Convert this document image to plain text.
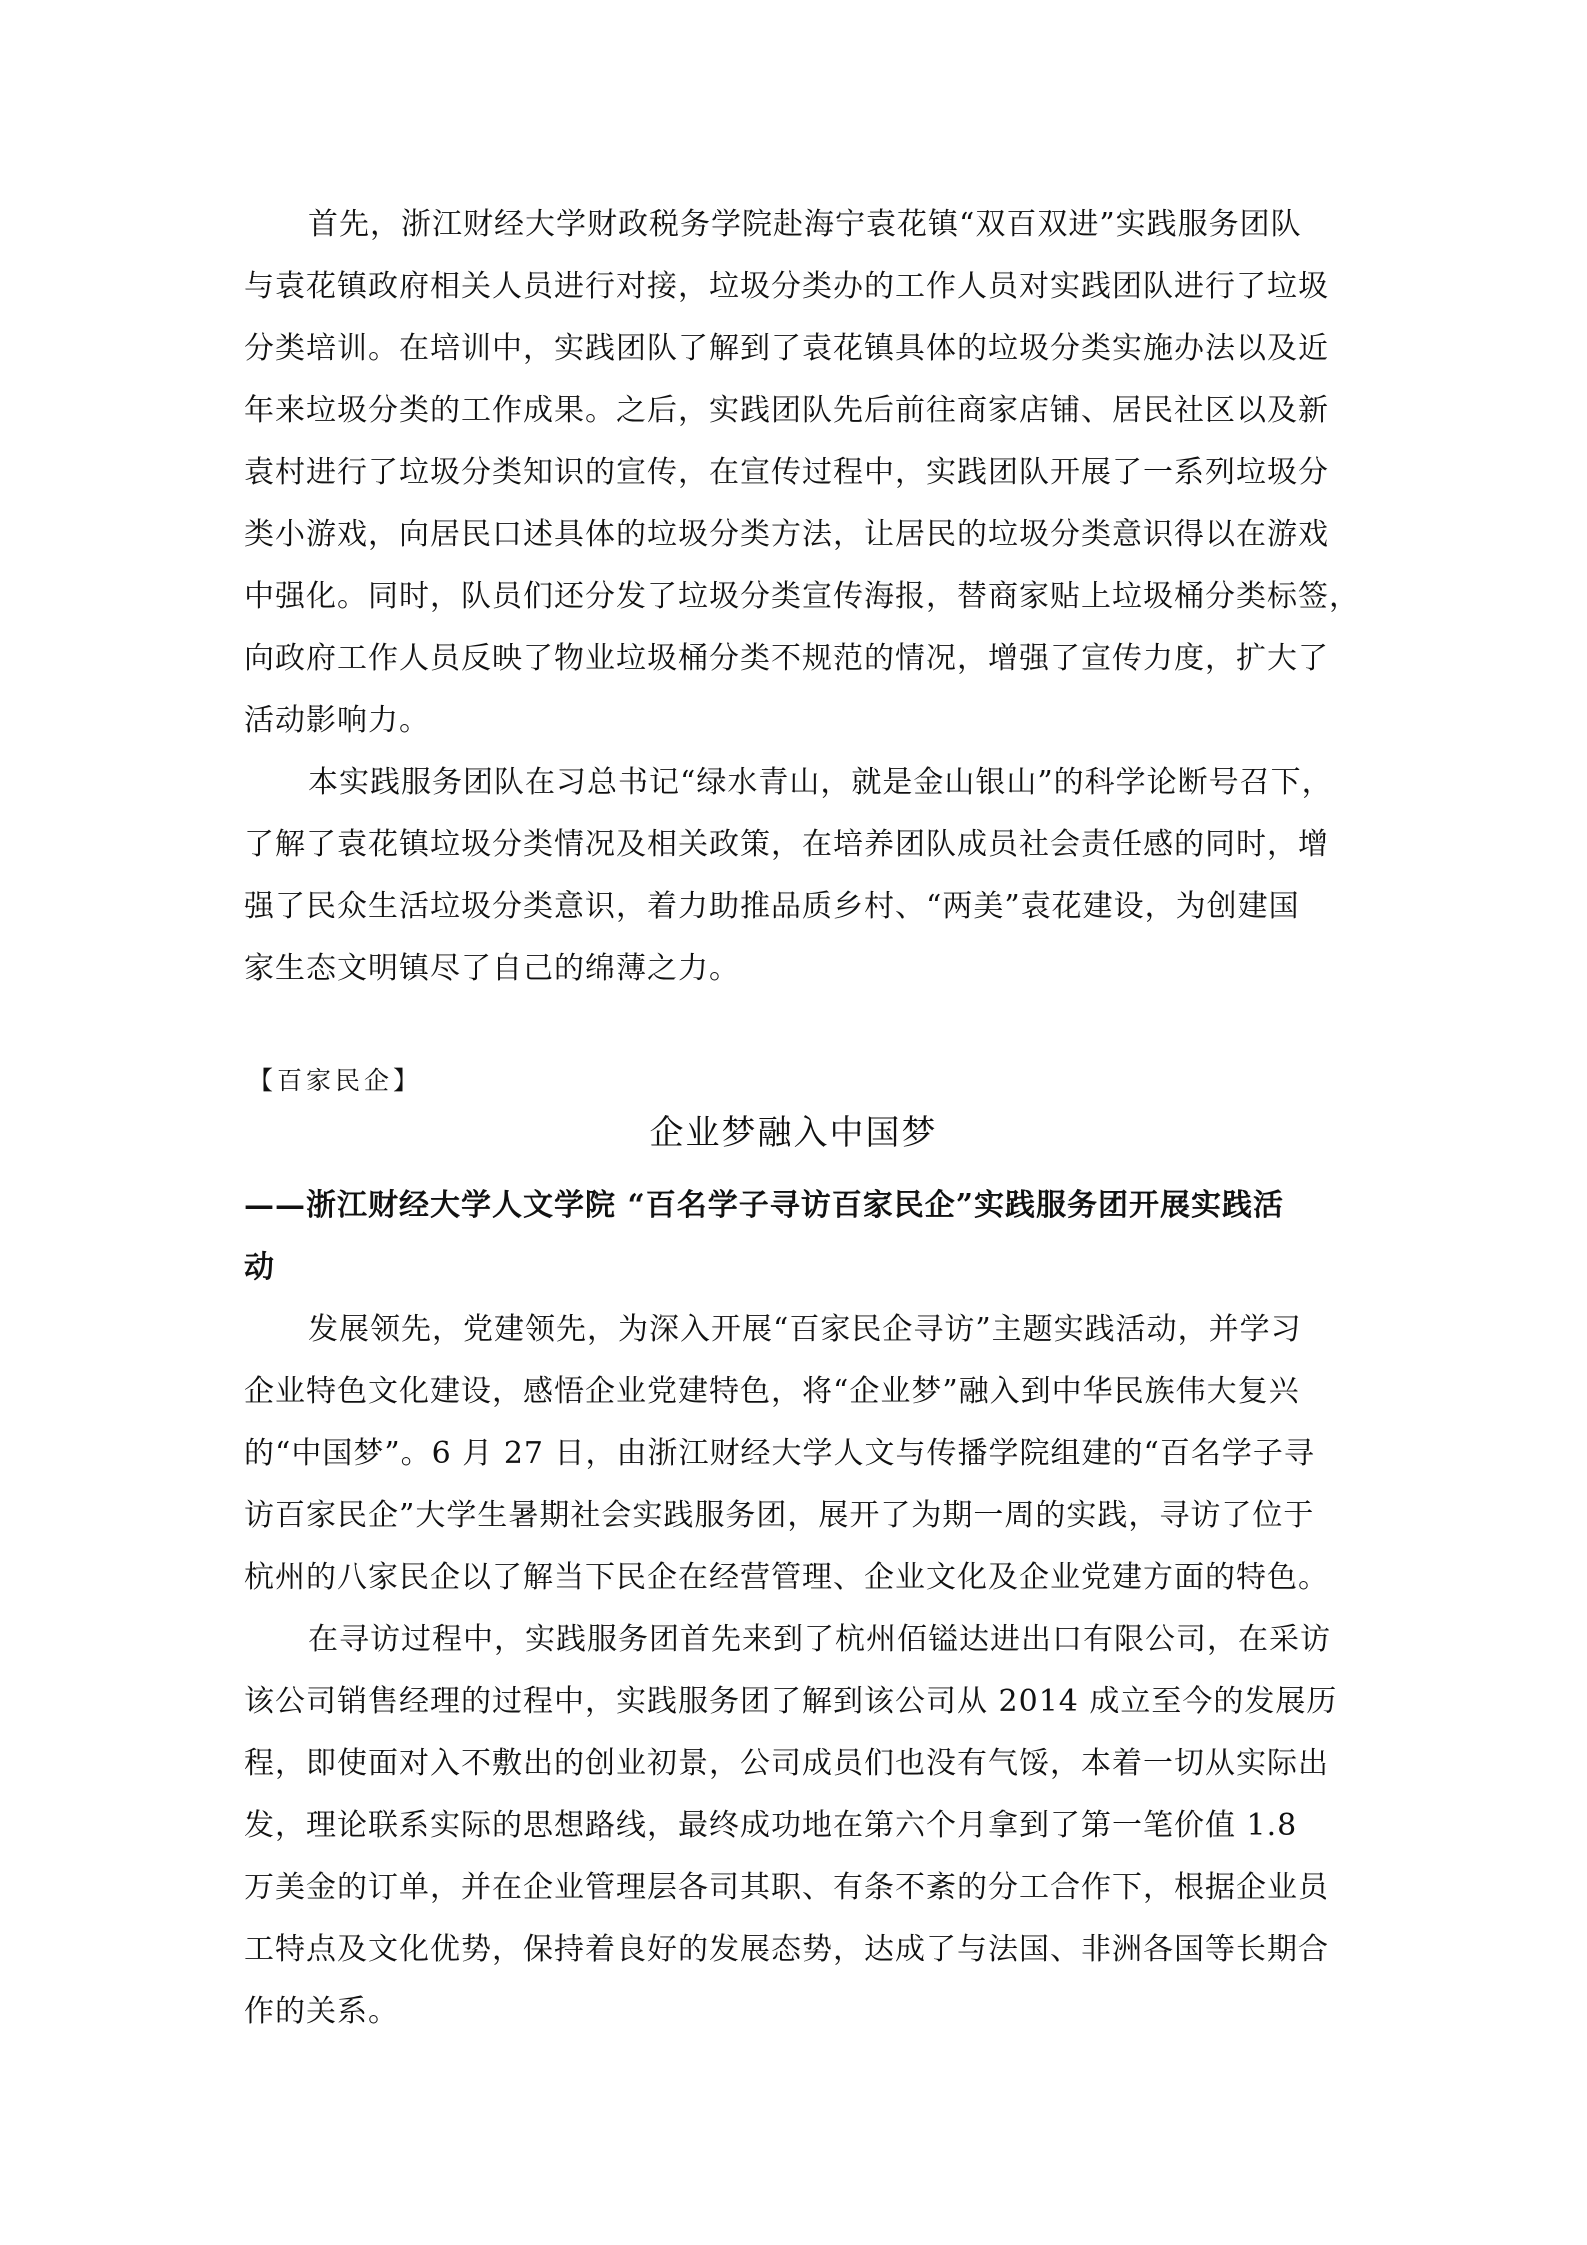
首先，浙江财经大学财政税务学院赴海宁袁花镇“双百双进”实践服务团队
与袁花镇政府相关人员进行对接，垃圾分类办的工作人员对实践团队进行了垃圾
分类培训。在培训中，实践团队了解到了袁花镇具体的垃圾分类实施办法以及近
年来垃圾分类的工作成果。之后，实践团队先后前往商家店铺、居民社区以及新
袁村进行了垃圾分类知识的宣传，在宣传过程中，实践团队开展了一系列垃圾分
类小游戏，向居民口述具体的垃圾分类方法，让居民的垃圾分类意识得以在游戏
中强化。同时，队员们还分发了垃圾分类宣传海报，替商家贴上垃圾桶分类标签，
向政府工作人员反映了物业垃圾桶分类不规范的情况，增强了宣传力度，扩大了
活动影响力。
本实践服务团队在习总书记“绿水青山，就是金山银山”的科学论断号召下，
了解了袁花镇垃圾分类情况及相关政策，在培养团队成员社会责任感的同时，增
强了民众生活垃圾分类意识，着力助推品质乡村、“两美”袁花建设，为创建国
家生态文明镇尽了自己的绵薄之力。
【百家民企】
企业梦融入中国梦
——浙江财经大学人文学院 “百名学子寻访百家民企”实践服务团开展实践活
动
发展领先，党建领先，为深入开展“百家民企寻访”主题实践活动，并学习
企业特色文化建设，感悟企业党建特色，将“企业梦”融入到中华民族伟大复兴
的“中国梦”。6 月 27 日，由浙江财经大学人文与传播学院组建的“百名学子寻
访百家民企”大学生暑期社会实践服务团，展开了为期一周的实践，寻访了位于
杭州的八家民企以了解当下民企在经营管理、企业文化及企业党建方面的特色。
在寻访过程中，实践服务团首先来到了杭州佰镒达进出口有限公司，在采访
该公司销售经理的过程中，实践服务团了解到该公司从 2014 成立至今的发展历
程，即使面对入不敷出的创业初景，公司成员们也没有气馁，本着一切从实际出
发，理论联系实际的思想路线，最终成功地在第六个月拿到了第一笔价值 1.8
万美金的订单，并在企业管理层各司其职、有条不紊的分工合作下，根据企业员
工特点及文化优势，保持着良好的发展态势，达成了与法国、非洲各国等长期合
作的关系。
